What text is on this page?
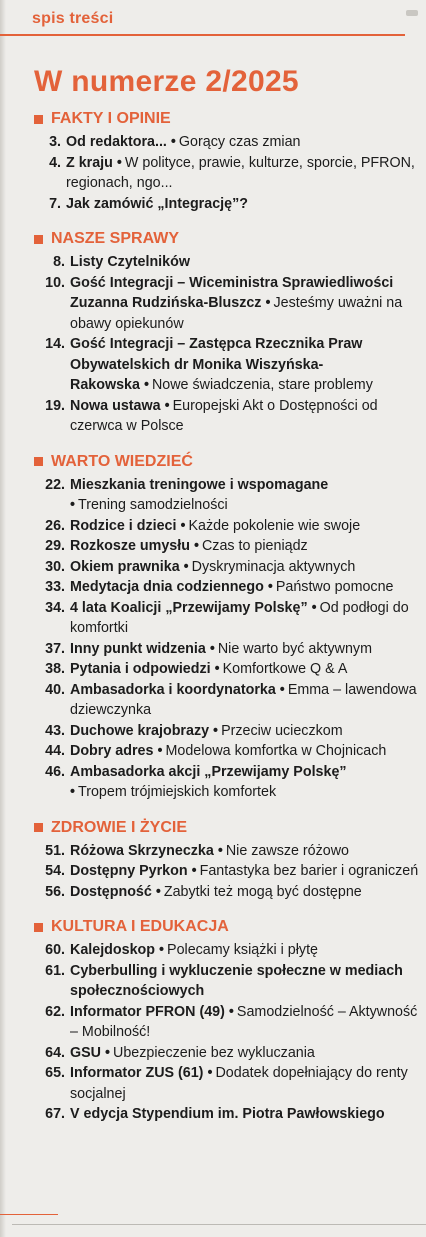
spis treści
W numerze 2/2025
FAKTY I OPINIE
3. Od redaktora... • Gorący czas zmian
4. Z kraju • W polityce, prawie, kulturze, sporcie, PFRON, regionach, ngo...
7. Jak zamówić „Integrację”?
NASZE SPRAWY
8. Listy Czytelników
10. Gość Integracji – Wiceministra Sprawiedliwości Zuzanna Rudzińska-Bluszcz • Jesteśmy uważni na obawy opiekunów
14. Gość Integracji – Zastępca Rzecznika Praw Obywatelskich dr Monika Wiszyńska-Rakowska • Nowe świadczenia, stare problemy
19. Nowa ustawa • Europejski Akt o Dostępności od czerwca w Polsce
WARTO WIEDZIEĆ
22. Mieszkania treningowe i wspomagane
• Trening samodzielności
26. Rodzice i dzieci • Każde pokolenie wie swoje
29. Rozkosze umysłu • Czas to pieniądz
30. Okiem prawnika • Dyskryminacja aktywnych
33. Medytacja dnia codziennego • Państwo pomocne
34. 4 lata Koalicji „Przewijamy Polskę” • Od podłogi do komfortki
37. Inny punkt widzenia • Nie warto być aktywnym
38. Pytania i odpowiedzi • Komfortkowe Q & A
40. Ambasadorka i koordynatorka • Emma – lawendowa dziewczynka
43. Duchowe krajobrazy • Przeciw ucieczkom
44. Dobry adres • Modelowa komfortka w Chojnicach
46. Ambasadorka akcji „Przewijamy Polskę”
• Tropem trójmiejskich komfortek
ZDROWIE I ŻYCIE
51. Różowa Skrzyneczka • Nie zawsze różowo
54. Dostępny Pyrkon • Fantastyka bez barier i ograniczeń
56. Dostępność • Zabytki też mogą być dostępne
KULTURA I EDUKACJA
60. Kalejdoskop • Polecamy książki i płytę
61. Cyberbulling i wykluczenie społeczne w mediach społecznościowych
62. Informator PFRON (49) • Samodzielność – Aktywność – Mobilność!
64. GSU • Ubezpieczenie bez wykluczania
65. Informator ZUS (61) • Dodatek dopełniający do renty socjalnej
67. V edycja Stypendium im. Piotra Pawłowskiego
